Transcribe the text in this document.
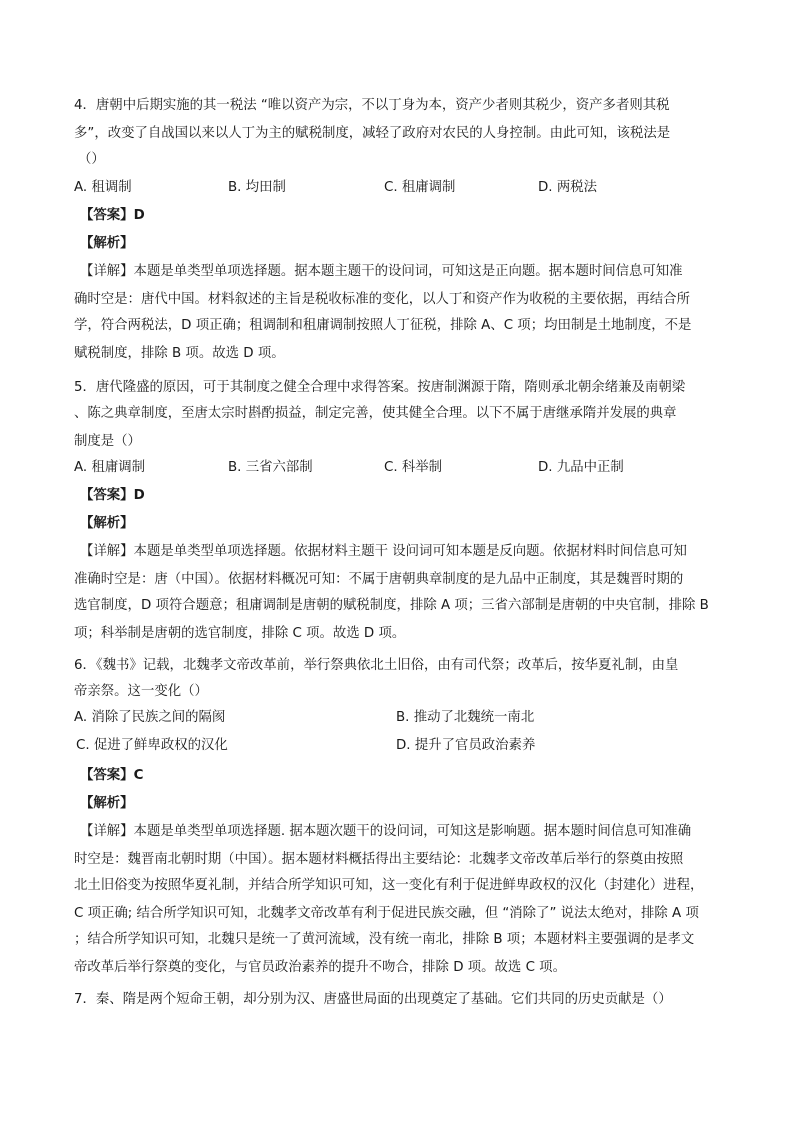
4．唐朝中后期实施的其一税法 “唯以资产为宗，不以丁身为本，资产少者则其税少，资产多者则其税
多”，改变了自战国以来以人丁为主的赋税制度，减轻了政府对农民的人身控制。由此可知，该税法是
（）
A. 租调制	B. 均田制	C. 租庸调制	D. 两税法
【答案】D
【解析】
【详解】本题是单类型单项选择题。据本题主题干的设问词，可知这是正向题。据本题时间信息可知准
确时空是：唐代中国。材料叙述的主旨是税收标准的变化，以人丁和资产作为收税的主要依据，再结合所
学，符合两税法，D 项正确；租调制和租庸调制按照人丁征税，排除 A、C 项；均田制是土地制度，不是
赋税制度，排除 B 项。故选 D 项。
5．唐代隆盛的原因，可于其制度之健全合理中求得答案。按唐制渊源于隋，隋则承北朝余绪兼及南朝梁
、陈之典章制度，至唐太宗时斟酌损益，制定完善，使其健全合理。以下不属于唐继承隋并发展的典章
制度是（）
A. 租庸调制	B. 三省六部制	C. 科举制	D. 九品中正制
【答案】D
【解析】
【详解】本题是单类型单项选择题。依据材料主题干 设问词可知本题是反向题。依据材料时间信息可知
准确时空是：唐（中国）。依据材料概况可知：不属于唐朝典章制度的是九品中正制度，其是魏晋时期的
选官制度，D 项符合题意；租庸调制是唐朝的赋税制度，排除 A 项；三省六部制是唐朝的中央官制，排除 B
项；科举制是唐朝的选官制度，排除 C 项。故选 D 项。
6．《魏书》记载，北魏孝文帝改革前，举行祭典依北土旧俗，由有司代祭；改革后，按华夏礼制，由皇
帝亲祭。这一变化（）
A. 消除了民族之间的隔阂	B. 推动了北魏统一南北
C. 促进了鲜卑政权的汉化	D. 提升了官员政治素养
【答案】C
【解析】
【详解】本题是单类型单项选择题. 据本题次题干的设问词，可知这是影响题。据本题时间信息可知准确
时空是：魏晋南北朝时期（中国）。据本题材料概括得出主要结论：北魏孝文帝改革后举行的祭奠由按照
北土旧俗变为按照华夏礼制，并结合所学知识可知，这一变化有利于促进鲜卑政权的汉化（封建化）进程，
C 项正确; 结合所学知识可知，北魏孝文帝改革有利于促进民族交融，但 “消除了” 说法太绝对，排除 A 项
；结合所学知识可知，北魏只是统一了黄河流域，没有统一南北，排除 B 项；本题材料主要强调的是孝文
帝改革后举行祭奠的变化，与官员政治素养的提升不吻合，排除 D 项。故选 C 项。
7．秦、隋是两个短命王朝，却分别为汉、唐盛世局面的出现奠定了基础。它们共同的历史贡献是（）
